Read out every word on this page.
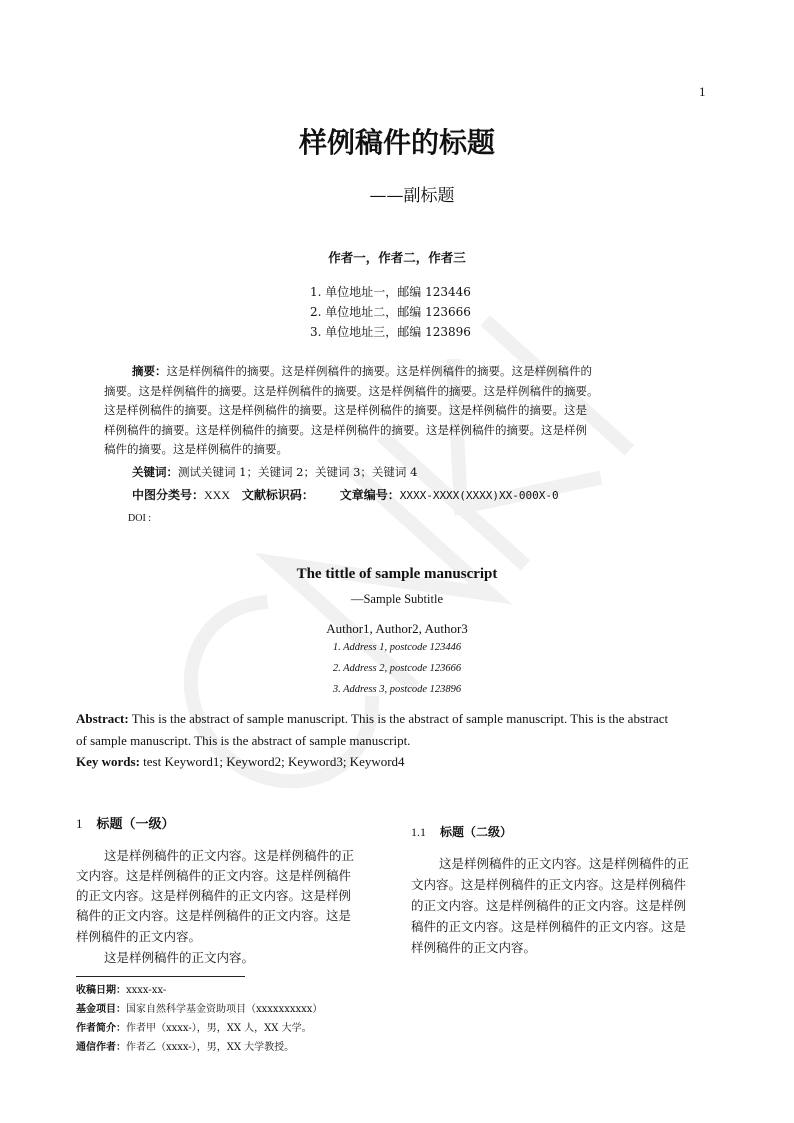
1
样例稿件的标题
——副标题
作者一，作者二，作者三
1. 单位地址一，邮编 123446
2. 单位地址二，邮编 123666
3. 单位地址三，邮编 123896
摘要：这是样例稿件的摘要。这是样例稿件的摘要。这是样例稿件的摘要。这是样例稿件的
摘要。这是样例稿件的摘要。这是样例稿件的摘要。这是样例稿件的摘要。这是样例稿件的摘要。
这是样例稿件的摘要。这是样例稿件的摘要。这是样例稿件的摘要。这是样例稿件的摘要。这是
样例稿件的摘要。这是样例稿件的摘要。这是样例稿件的摘要。这是样例稿件的摘要。这是样例
稿件的摘要。这是样例稿件的摘要。
关键词：测试关键词 1；关键词 2；关键词 3；关键词 4
中图分类号：XXX 文献标识码： 文章编号：XXXX-XXXX(XXXX)XX-000X-0
DOI :
The tittle of sample manuscript
—Sample Subtitle
Author1, Author2, Author3
1. Address 1, postcode 123446
2. Address 2, postcode 123666
3. Address 3, postcode 123896
Abstract: This is the abstract of sample manuscript. This is the abstract of sample manuscript. This is the abstract
of sample manuscript. This is the abstract of sample manuscript.
Key words: test Keyword1; Keyword2; Keyword3; Keyword4
1 标题（一级）
这是样例稿件的正文内容。这是样例稿件的正
文内容。这是样例稿件的正文内容。这是样例稿件
的正文内容。这是样例稿件的正文内容。这是样例
稿件的正文内容。这是样例稿件的正文内容。这是
样例稿件的正文内容。
这是样例稿件的正文内容。
收稿日期：xxxx-xx-
基金项目：国家自然科学基金资助项目（xxxxxxxxxx）
作者简介：作者甲（xxxx-），男，XX 人，XX 大学。
通信作者：作者乙（xxxx-），男，XX 大学教授。
1.1 标题（二级）
这是样例稿件的正文内容。这是样例稿件的正
文内容。这是样例稿件的正文内容。这是样例稿件
的正文内容。这是样例稿件的正文内容。这是样例
稿件的正文内容。这是样例稿件的正文内容。这是
样例稿件的正文内容。
